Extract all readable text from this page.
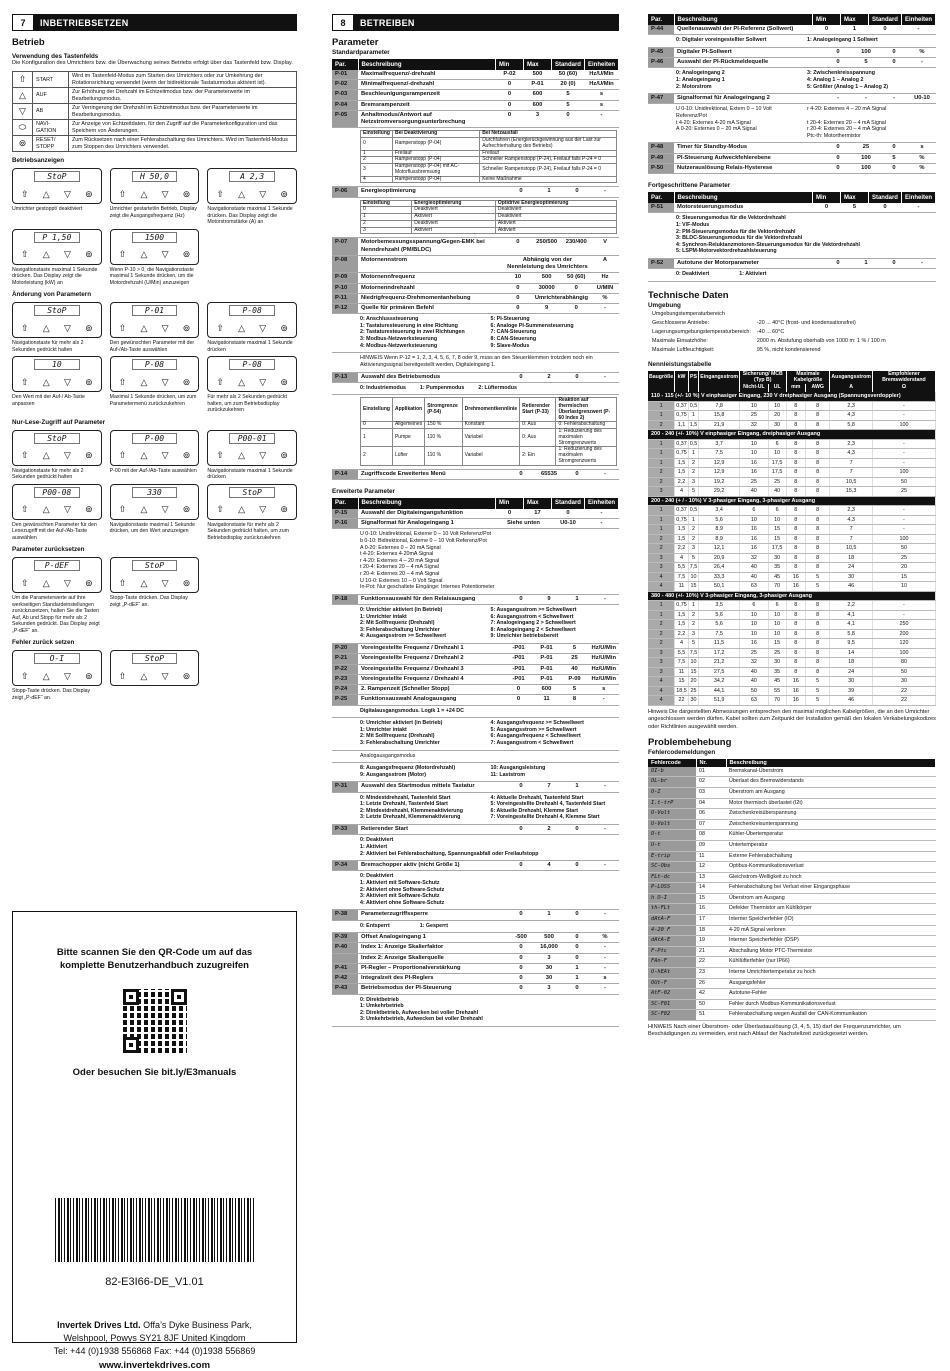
7	INBETRIEBSETZEN
Betrieb
Verwendung des Tastenfelds
Die Konfiguration des Umrichters bzw. die Überwachung seines Betriebs erfolgt über das Tastenfeld bzw. Display.
⇧	START	Wird im Tastenfeld-Modus zum Starten des Umrichters oder zur Umkehrung der Rotationsrichtung verwendet (wenn der bidirektionale Tastaturmodus aktiviert ist).
△	AUF	Zur Erhöhung der Drehzahl im Echtzeitmodus bzw. der Parameterwerte im Bearbeitungsmodus.
▽	AB	Zur Verringerung der Drehzahl im Echtzeitmodus bzw. der Parameterwerte im Bearbeitungsmodus.
⬭	NAVI-GATION	Zur Anzeige von Echtzeitdaten, für den Zugriff auf die Parameterkonfiguration und das Speichern von Änderungen.
⊚	RESET/ STOPP	Zum Rücksetzen nach einer Fehlerabschaltung des Umrichters. Wird im Tastenfeld-Modus zum Stoppen des Umrichters verwendet.
Betriebsanzeigen
StoP
⇧ △ ▽ ⊚
Umrichter gestoppt/ deaktiviert
H 50,0
⇧ △ ▽ ⊚
Umrichter gestartet/in Betrieb, Display zeigt die Ausgangsfrequenz (Hz)
A 2,3
⇧ △ ▽ ⊚
Navigationstaste maximal 1 Sekunde drücken. Das Display zeigt die Motorstromstärke (A) an
P 1,50
⇧ △ ▽ ⊚
Navigationstaste maximal 1 Sekunde drücken. Das Display zeigt die Motorleistung (kW) an
1500
⇧ △ ▽ ⊚
Wenn P-10 > 0, die Navigationstaste maximal 1 Sekunde drücken, um die Motordrehzahl (U/Min) anzuzeigen
Änderung von Parametern
StoP
⇧ △ ▽ ⊚
Navigationstaste für mehr als 2 Sekunden gedrückt halten
P-01
⇧ △ ▽ ⊚
Den gewünschten Parameter mit der Auf-/Ab-Taste auswählen
P-08
⇧ △ ▽ ⊚
Navigationstaste maximal 1 Sekunde drücken
10
⇧ △ ▽ ⊚
Den Wert mit der Auf-/ Ab-Taste anpassen
P-08
⇧ △ ▽ ⊚
Maximal 1 Sekunde drücken, um zum Parametermenü zurückzukehren
P-08
⇧ △ ▽ ⊚
Für mehr als 2 Sekunden gedrückt halten, um zum Betriebsdisplay zurückzukehren
Nur-Lese-Zugriff auf Parameter
StoP
⇧ △ ▽ ⊚
Navigationstaste für mehr als 2 Sekunden gedrückt halten
P-00
⇧ △ ▽ ⊚
P-00 mit der Auf-/Ab-Taste auswählen
P00-01
⇧ △ ▽ ⊚
Navigationstaste maximal 1 Sekunde drücken
P00-08
⇧ △ ▽ ⊚
Den gewünschten Parameter für den Lesezugriff mit der Auf-/Ab-Taste auswählen
330
⇧ △ ▽ ⊚
Navigationstaste maximal 1 Sekunde drücken, um den Wert anzuzeigen
StoP
⇧ △ ▽ ⊚
Navigationstaste für mehr als 2 Sekunden gedrückt halten, um zum Betriebsdisplay zurückzukehren
Parameter zurücksetzen
P-dEF
⇧ △ ▽ ⊚
Um die Parameterwerte auf ihre werkseitigen Standardeinstellungen zurückzusetzen, halten Sie die Tasten Auf, Ab und Stopp für mehr als 2 Sekunden gedrückt. Das Display zeigt „P-dEF“ an.
StoP
⇧ △ ▽ ⊚
Stopp-Taste drücken. Das Display zeigt „P-dEF“ an.
Fehler zurück setzen
O-I
⇧ △ ▽ ⊚
Stopp-Taste drücken. Das Display zeigt „P-dEF“ an.
StoP
⇧ △ ▽ ⊚
Bitte scannen Sie den QR-Code um auf das
komplette Benutzerhandbuch zuzugreifen
Oder besuchen Sie bit.ly/E3manuals
82-E3I66-DE_V1.01
Invertek Drives Ltd. Offa’s Dyke Business Park,
Welshpool, Powys SY21 8JF United Kingdom
Tel: +44 (0)1938 556868 Fax: +44 (0)1938 556869
www.invertekdrives.com
8	BETREIBEN
Parameter
Standardparameter
Par.	Beschreibung	Min	Max	Standard	Einheiten
P-01	Maximalfrequenz/-drehzahl	P-02	500	50 (60)	Hz/U/Min
P-02	Minimalfrequenz/-drehzahl	0	P-01	20 (0)	Hz/U/Min
P-03	Beschleunigungsrampenzeit	0	600	5	s
P-04	Bremsrampenzeit	0	600	5	s
P-05	Anhaltmodus/Antwort auf Netzstromversorgungsunterbrechung	0	3	0	-
Einstellung	Bei Deaktivierung	Bei Netzausfall
0	Rampenstopp (P-04)	Durchfahren (Energierückgewinnung aus der Last zur Aufrechterhaltung des Betriebs)
1	Freilauf	Freilauf
2	Rampenstopp (P-04)	Schneller Rampenstopp (P-24), Freilauf falls P-24 = 0
3	Rampenstopp (P-04) mit AC-Motorflussbremsung	Schneller Rampenstopp (P-24), Freilauf falls P-24 = 0
4	Rampenstopp (P-04)	Keine Maßnahme
P-06	Energieoptimierung	0	1	0	-
Einstellung	Energieoptimierung	Optidrive Energieoptimierung
0	Deaktiviert	Deaktiviert
1	Aktiviert	Deaktiviert
2	Deaktiviert	Aktiviert
3	Aktiviert	Aktiviert
P-07	Motorbemessungsspannung/Gegen-EMK bei Nenndrehzahl (PM/BLDC)	0	250/500	230/400	V
P-08	Motornennstrom	Abhängig von der Nennleistung des Umrichters			A
P-09	Motornennfrequenz	10	500	50 (60)	Hz
P-10	Motornenndrehzahl	0	30000	0	U/MIN
P-11	Niedrigfrequenz-Drehmomentanhebung	0	Umrichterabhängig		%
P-12	Quelle für primären Befehl	0	9	0	-
0: Anschlusssteuerung	5: PI-Steuerung
1: Tastaturesteuerung in eine Richtung	6: Analoge PI-Summensteuerung
2: Tastaturesteuerung in zwei Richtungen	7: CAN-Steuerung
3: Modbus-Netzwerksteuerung	8: CAN-Steuerung
4: Modbus-Netzwerksteuerung	9: Slave-Modus
HINWEIS Wenn P-12 = 1, 2, 3, 4, 5, 6, 7, 8 oder 9, muss an den Steuerklemmen trotzdem noch ein Aktivierungssignal bereitgestellt werden, Digitaleingang 1.
P-13	Auswahl des Betriebsmodus	0	2	0	-
0: Industriemodus	1: Pumpenmodus	2: Lüftermodus
Einstellung	Applikation	Stromgrenze (P-54)	Drehmomentkennlinie	Retierender Start (P-33)	Reaktion auf thermischen Überlastgrenzwert (P-60 Index 2)
0	Allgemeines	150 %	Konstant	0: Aus	0: Fehlerabschaltung
1	Pumpe	110 %	Variabel	0: Aus	1: Reduzierung des maximalen Stromgrenzwerts
2	Lüfter	110 %	Variabel	2: Ein	1: Reduzierung des maximalen Stromgrenzwerts
P-14	Zugriffscode Erweitertes Menü	0	65535	0	-
Erweiterte Parameter
Par.	Beschreibung	Min	Max	Standard	Einheiten
P-15	Auswahl der Digitaleingangsfunktion	0	17	0	-
P-16	Signalformat für Analogeingang 1	Siehe unten		U0-10	-
U 0-10: Unidirektional, Externe 0 – 10 Volt Referenz/Pot
b 0-10: Bidirektional, Externe 0 – 10 Volt Referenz/Pot
A 0-20: Externes 0 – 20 mA Signal
t 4-20: Externes 4-20mA Signal
r 4-20: Externes 4 – 20 mA Signal
t 20-4: Externes 20 – 4 mA Signal
r 20-4: Externes 20 – 4 mA Signal
U 10-0: Externes 10 – 0 Volt Signal
In-Pot: Nur geschaltete Eingänge: Internes Potentiometer
P-18	Funktionsauswahl für den Relaisausgang	0	9	1	-
0: Umrichter aktiviert (in Betrieb)	5: Ausgangsstrom >= Schwellwert
1: Umrichter intakt	6: Ausgangsstrom < Schwellwert
2: Mit Sollfrequenz (Drehzahl)	7: Analogeingang 2 > Schwellwert
3: Fehlerabschaltung Umrichter	8: Analogeingang 2 < Schwellwert
4: Ausgangsstrom >= Schwellwert	9: Umrichter betriebsbereit
P-20	Voreingestellte Frequenz / Drehzahl 1	-P01	P-01	5	Hz/U/Min
P-21	Voreingestellte Frequenz / Drehzahl 2	-P01	P-01	25	Hz/U/Min
P-22	Voreingestellte Frequenz / Drehzahl 3	-P01	P-01	40	Hz/U/Min
P-23	Voreingestellte Frequenz / Drehzahl 4	-P01	P-01	P-09	Hz/U/Min
P-24	2. Rampenzeit (Schneller Stopp)	0	600	5	s
P-25	Funktionsauswahl Analogausgang	0	11	8	-
Digitalausgangsmodus. Logik 1 = +24 DC
0: Umrichter aktiviert (in Betrieb)	4: Ausgangsfrequenz >= Schwellwert
1: Umrichter intakt	5: Ausgangsstrom >= Schwellwert
2: Mit Sollfrequenz (Drehzahl)	6: Ausgangsfrequenz < Schwellwert
3: Fehlerabschaltung Umrichter	7: Ausgangsstrom < Schwellwert
Analogausgangsmodus
8: Ausgangsfrequenz (Motordrehzahl)	10: Ausgangsleistung
9: Ausgangsstrom (Motor)	11: Laststrom
P-31	Auswahl des Startmodus mittels Tastatur	0	7	1	-
0: Mindestdrehzahl, Tastenfeld Start	4: Aktuelle Drehzahl, Tastenfeld Start
1: Letzte Drehzahl, Tastenfeld Start	5: Voreingestellte Drehzahl 4, Tastenfeld Start
2: Mindestdrehzahl, Klemmenaktivierung	6: Aktuelle Drehzahl, Klemme Start
3: Letzte Drehzahl, Klemmenaktivierung	7: Voreingestellte Drehzahl 4, Klemme Start
P-33	Retierender Start	0	2	0	-
0: Deaktiviert
1: Aktiviert
2: Aktiviert bei Fehlerabschaltung, Spannungsabfall oder Freilaufstopp
P-34	Bremschopper aktiv (nicht Größe 1)	0	4	0	-
0: Deaktiviert
1: Aktiviert mit Software-Schutz
2: Aktiviert ohne Software-Schutz
3: Aktiviert mit Software-Schutz
4: Aktiviert ohne Software-Schutz
P-38	Parameterzugriffssperre	0	1	0	-
0: Entsperrt	1: Gesperrt
P-39	Offset Analogeingang 1	-500	500	0	%
P-40	Index 1: Anzeige Skalierfaktor	0	16,000	0	-
	Index 2: Anzeige Skalierquelle	0	3	0	-
P-41	PI-Regler – Proportionalverstärkung	0	30	1	-
P-42	Integralzeit des PI-Reglers	0	30	1	s
P-43	Betriebsmodus der PI-Steuerung	0	3	0	-
0: Direktbetrieb
1: Umkehrbetrieb
2: Direktbetrieb, Aufwecken bei voller Drehzahl
3: Umkehrbetrieb, Aufwecken bei voller Drehzahl
Par.	Beschreibung	Min	Max	Standard	Einheiten
P-44	Quellenauswahl der PI-Referenz (Sollwert)	0	1	0	-
0: Digitaler voreingestellter Sollwert	1: Analogeingang 1 Sollwert
P-45	Digitaler PI-Sollwert	0	100	0	%
P-46	Auswahl der PI-Rückmeldequelle	0	5	0	-
0: Analogeingang 2	3: Zwischenkreisspannung
1: Analogeingang 1	4: Analog 1 – Analog 2
2: Motorstrom	5: Größter (Analog 1 – Analog 2)
P-47	Signalformat für Analogeingang 2	-	-	-	U0-10
U 0-10: Unidirektional, Extern 0 – 10 Volt Referenz/Pot
r 4-20: Externes 4 – 20 mA Signal
t 4-20: Externes 4-20 mA Signal	t 20-4: Externes 20 – 4 mA Signal
A 0-20: Externes 0 – 20 mA Signal	r 20-4: Externes 20 – 4 mA Signal
Ptc-th: Motorthermistor
P-48	Timer für Standby-Modus	0	25	0	s
P-49	PI-Steuerung Aufweckfehlerebene	0	100	5	%
P-50	Nutzerauslösung Relais-Hysterese	0	100	0	%
Fortgeschrittene Parameter
Par.	Beschreibung	Min	Max	Standard	Einheiten
P-51	Motorsteuerungsmodus	0	5	0	-
0: Steuerungsmodus für die Vektordrehzahl
1: V/F-Modus
2: PM-Steuerungsmodus für die Vektordrehzahl
3: BLDC-Steuerungsmodus für die Vektordrehzahl
4: Synchron-Reluktanzmotoren-Steuerungsmodus für die Vektordrehzahl
5: LSPM-Motorvektordrehzahlsteuerung
P-52	Autotune der Motorparameter	0	1	0	-
0: Deaktiviert	1: Aktiviert
Technische Daten
Umgebung
Umgebungstemperaturbereich	
Geschlossene Antriebe:	-20 ... 40°C (frost- und kondensationsfrei)
Lagerungsumgebungstemperaturbereich:	-40 ... 60°C
Maximale Einsatzhöhe:	2000 m. Abstufung oberhalb von 1000 m: 1 % / 100 m
Maximale Luftfeuchtigkeit:	95 %, nicht kondensierend
Nennleistungstabelle
Baugröße	kW	PS	Eingangsstrom	Sicherung/ MCB (Typ B)		Maximale Kabelgröße		Ausgangsstrom	Empfohlener Bremswiderstand
				Nicht-UL	UL	mm	AWG	A	Ω
110 - 115 (+/- 10 %) V einphasiger Eingang, 230 V dreiphasiger Ausgang (Spannungsverdoppler)									
1	0,37	0,5	7,8	10	10	8	8	2,3	-
1	0,75	1	15,8	25	20	8	8	4,3	-
2	1,1	1,5	21,9	32	30	8	8	5,8	100
200 - 240 (+/- 10%) V einphasiger Eingang, dreiphasiger Ausgang									
1	0,37	0,5	3,7	10	6	8	8	2,3	-
1	0,75	1	7,5	10	10	8	8	4,3	-
1	1,5	2	12,9	16	17,5	8	8	7	-
2	1,5	2	12,9	16	17,5	8	8	7	100
2	2,2	3	19,2	25	25	8	8	10,5	50
3	4	5	29,2	40	40	8	8	15,3	25
200 - 240 (+ / - 10%) V 3-phasiger Eingang, 3-phasiger Ausgang									
1	0,37	0,5	3,4	6	6	8	8	2,3	-
1	0,75	1	5,6	10	10	8	8	4,3	-
1	1,5	2	8,9	16	15	8	8	7	-
2	1,5	2	8,9	16	15	8	8	7	100
2	2,2	3	12,1	16	17,5	8	8	10,5	50
3	4	5	20,9	32	30	8	8	18	25
3	5,5	7,5	26,4	40	35	8	8	24	20
4	7,5	10	33,3	40	45	16	5	30	15
4	11	15	50,1	63	70	16	5	46	10
380 - 480 (+/- 10%) V 3-phasiger Eingang, 3-phasiger Ausgang									
1	0,75	1	3,5	6	6	8	8	2,2	-
1	1,5	2	5,6	10	10	8	8	4,1	-
2	1,5	2	5,6	10	10	8	8	4,1	250
2	2,2	3	7,5	10	10	8	8	5,8	200
2	4	5	11,5	16	15	8	8	9,5	120
3	5,5	7,5	17,2	25	25	8	8	14	100
3	7,5	10	21,2	32	30	8	8	18	80
3	11	15	27,5	40	35	8	8	24	50
4	15	20	34,2	40	45	16	5	30	30
4	18,5	25	44,1	50	55	16	5	39	22
4	22	30	51,9	63	70	16	5	46	22
Hinweis Die dargestellten Abmessungen entsprechen den maximal möglichen Kabelgrößen, die an den Umrichter angeschlossen werden dürfen. Kabel sollten zum Zeitpunkt der Installation gemäß den lokalen Verkabelungskodizes oder Richtlinien ausgewählt werden.
Problembehebung
Fehlercodemeldungen
Fehlercode	Nr.	Beschreibung
OI-b	01	Bremskanal-Überstrom
OL-br	02	Überlast des Bremswiderstands
O-I	03	Überstrom am Ausgang
I.t-trP	04	Motor thermisch überlastet (I2t)
O-Volt	06	Zwischenkreisüberspannung
U-Volt	07	Zwischenkreisunterspannung
O-t	08	Kühler-Übertemperatur
U-t	09	Untertemperatur
E-trip	11	Externe Fehlerabschaltung
SC-Obs	12	Optibus-Kommunikationsverlust
FLt-dc	13	Gleichstrom-Welligkeit zu hoch
P-LOSS	14	Fehlerabschaltung bei Verlust einer Eingangsphase
h O-I	15	Überstrom am Ausgang
th-FLt	16	Defekter Thermistor am Kühlkörper
dAtA-F	17	Interner Speicherfehler (IO)
4-20 F	18	4-20 mA Signal verloren
dAtA-E	19	Interner Speicherfehler (DSP)
F-Ptc	21	Abschaltung Motor PTC-Thermistor
FAn-F	22	Kühllüfterfehler (nur IP66)
O-hEAt	23	Interne Umrichtertemperatur zu hoch
OUt-F	26	Ausgangsfehler
AtF-02	42	Autotune-Fehler
SC-F01	50	Fehler durch Modbus-Kommunikationsverlust
SC-F02	51	Fehlerabschaltung wegen Ausfall der CAN-Kommunikation
HINWEIS Nach einer Überstrom- oder Überlastauslösung (3, 4, 5, 15) darf der Frequenzumrichter, um Beschädigungen zu vermeiden, erst nach Ablauf der Nachstellzeit zurückgesetzt werden.
